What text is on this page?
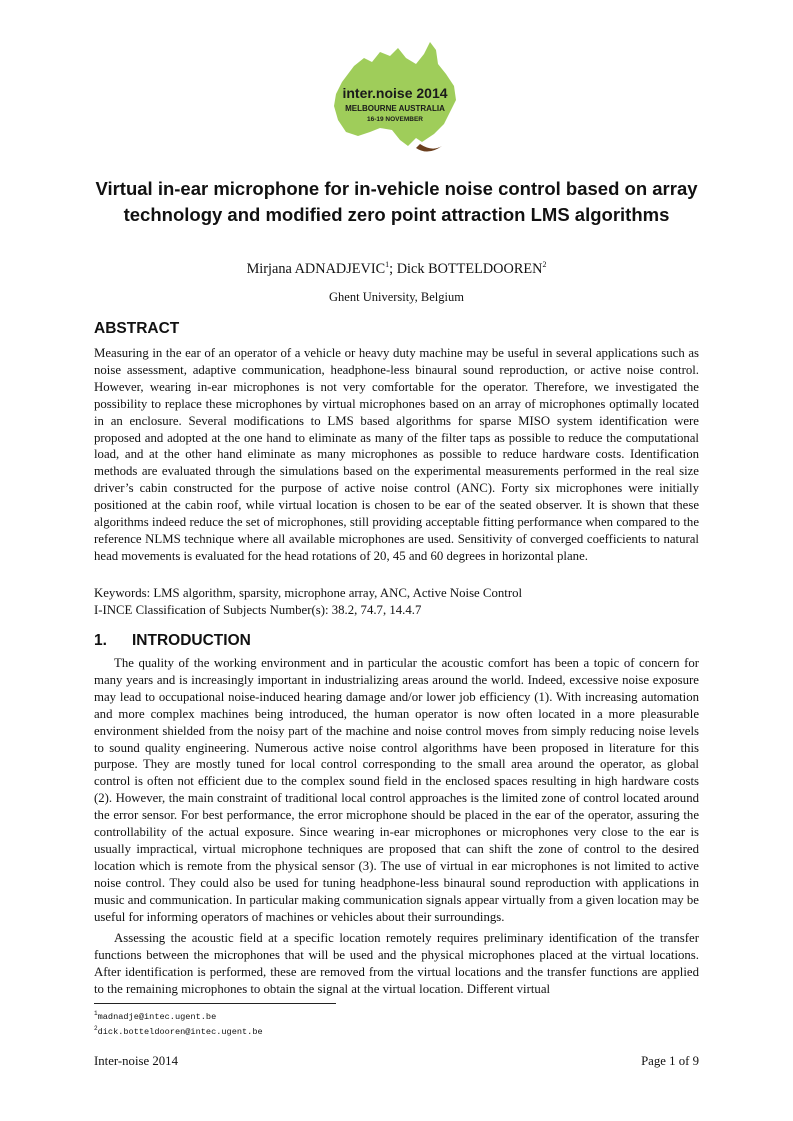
inter.noise 2014
MELBOURNE AUSTRALIA
16-19 NOVEMBER
Virtual in-ear microphone for in-vehicle noise control based on array technology and modified zero point attraction LMS algorithms
Mirjana ADNADJEVIC$^1$; Dick BOTTELDOOREN$^2$
Ghent University, Belgium
ABSTRACT

Measuring in the ear of an operator of a vehicle or heavy duty machine may be useful in several applications such as noise assessment, adaptive communication, headphone-less binaural sound reproduction, or active noise control. However, wearing in-ear microphones is not very comfortable for the operator. Therefore, we investigated the possibility to replace these microphones by virtual microphones based on an array of microphones optimally located in an enclosure. Several modifications to LMS based algorithms for sparse MISO system identification were proposed and adopted at the one hand to eliminate as many of the filter taps as possible to reduce the computational load, and at the other hand eliminate as many microphones as possible to reduce hardware costs. Identification methods are evaluated through the simulations based on the experimental measurements performed in the real size driver’s cabin constructed for the purpose of active noise control (ANC). Forty six microphones were initially positioned at the cabin roof, while virtual location is chosen to be ear of the seated observer. It is shown that these algorithms indeed reduce the set of microphones, still providing acceptable fitting performance when compared to the reference NLMS technique where all available microphones are used. Sensitivity of converged coefficients to natural head movements is evaluated for the head rotations of 20, 45 and 60 degrees in horizontal plane.

Keywords: LMS algorithm, sparsity, microphone array, ANC, Active Noise Control
I-INCE Classification of Subjects Number(s): 38.2, 74.7, 14.4.7
1. INTRODUCTION

The quality of the working environment and in particular the acoustic comfort has been a topic of concern for many years and is increasingly important in industrializing areas around the world. Indeed, excessive noise exposure may lead to occupational noise-induced hearing damage and/or lower job efficiency (1). With increasing automation and more complex machines being introduced, the human operator is now often located in a more pleasurable environment shielded from the noisy part of the machine and noise control moves from simply reducing noise levels to sound quality engineering. Numerous active noise control algorithms have been proposed in literature for this purpose. They are mostly tuned for local control corresponding to the small area around the operator, as global control is often not efficient due to the complex sound field in the enclosed spaces resulting in high hardware costs (2). However, the main constraint of traditional local control approaches is the limited zone of control located around the error sensor. For best performance, the error microphone should be placed in the ear of the operator, assuring the controllability of the actual exposure. Since wearing in-ear microphones or microphones very close to the ear is usually impractical, virtual microphone techniques are proposed that can shift the zone of control to the desired location which is remote from the physical sensor (3). The use of virtual in ear microphones is not limited to active noise control. They could also be used for tuning headphone-less binaural sound reproduction with applications in music and communication. In particular making communication signals appear virtually from a given location may be useful for informing operators of machines or vehicles about their surroundings.

Assessing the acoustic field at a specific location remotely requires preliminary identification of the transfer functions between the microphones that will be used and the physical microphones placed at the virtual locations. After identification is performed, these are removed from the virtual locations and the transfer functions are applied to the remaining microphones to obtain the signal at the virtual location. Different virtual

$^1$madnadje@intec.ugent.be
$^2$dick.botteldooren@intec.ugent.be
Inter-noise 2014	Page 1 of 9
